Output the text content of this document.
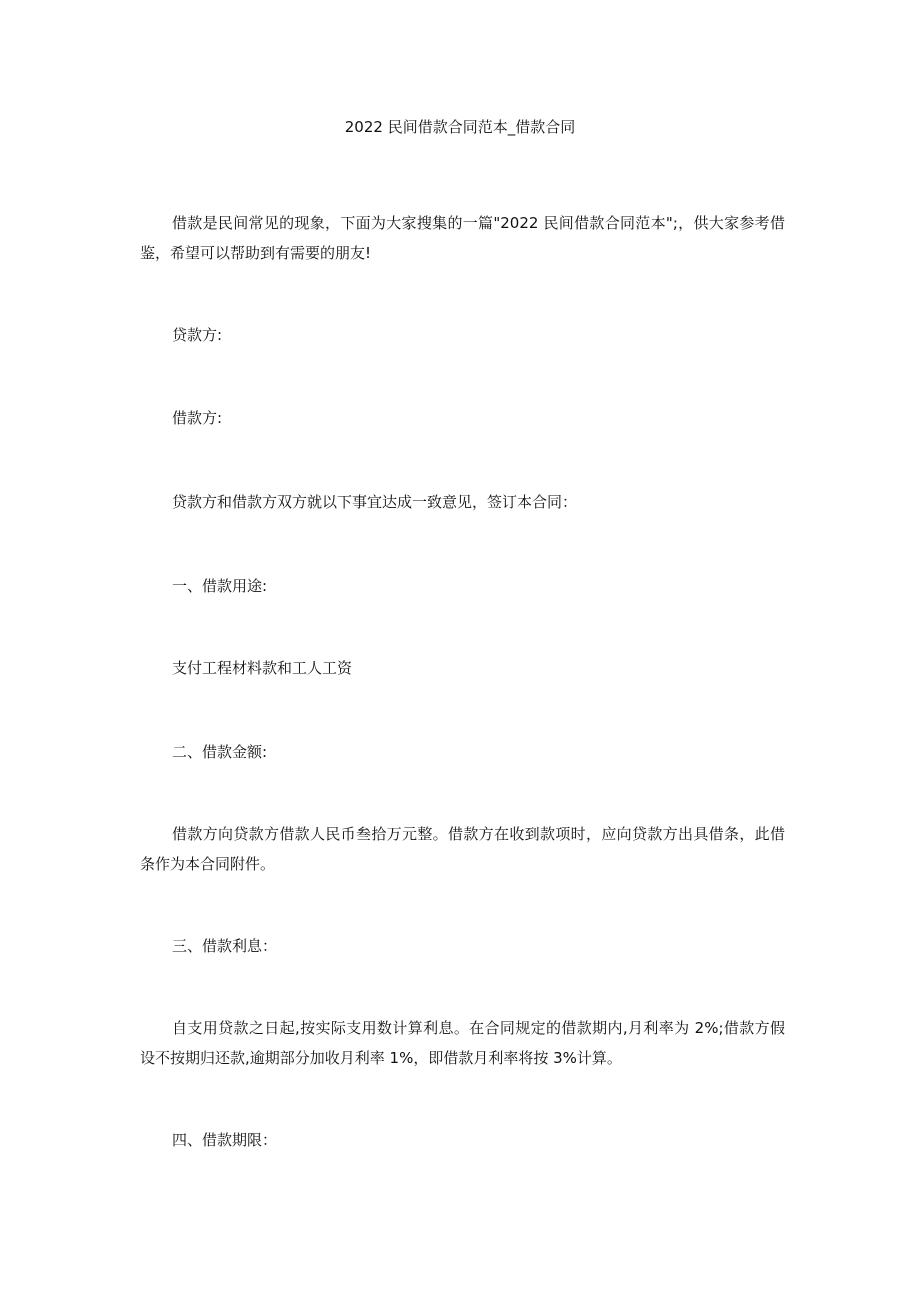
2022 民间借款合同范本_借款合同
借款是民间常见的现象，下面为大家搜集的一篇"2022 民间借款合同范本";，供大家参考借鉴，希望可以帮助到有需要的朋友!
贷款方:
借款方:
贷款方和借款方双方就以下事宜达成一致意见，签订本合同：
一、借款用途:
支付工程材料款和工人工资
二、借款金额:
借款方向贷款方借款人民币叁拾万元整。借款方在收到款项时，应向贷款方出具借条，此借条作为本合同附件。
三、借款利息：
自支用贷款之日起,按实际支用数计算利息。在合同规定的借款期内,月利率为 2%;借款方假设不按期归还款,逾期部分加收月利率 1%，即借款月利率将按 3%计算。
四、借款期限：
